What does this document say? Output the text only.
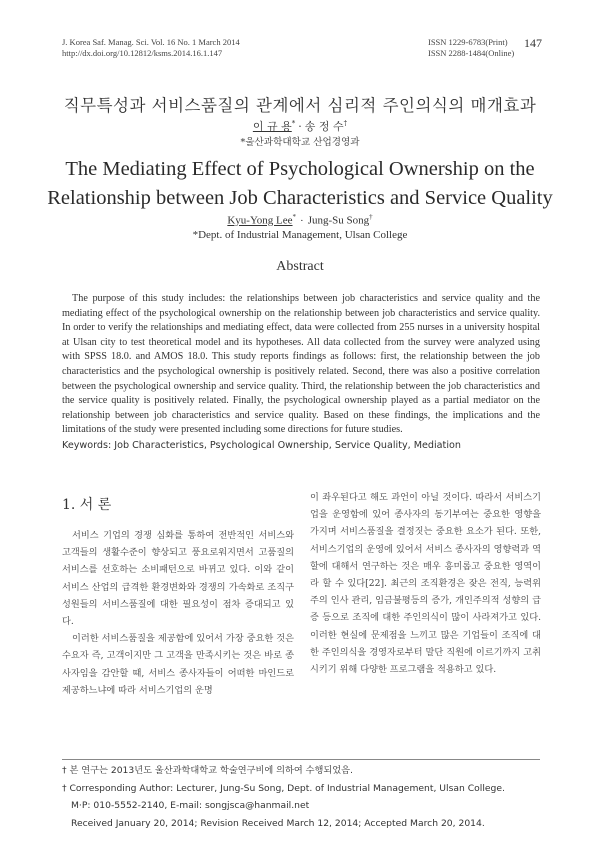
J. Korea Saf. Manag. Sci. Vol. 16 No. 1 March 2014
http://dx.doi.org/10.12812/ksms.2014.16.1.147
ISSN 1229-6783(Print)
ISSN 2288-1484(Online)
147
직무특성과 서비스품질의 관계에서 심리적 주인의식의 매개효과
이 규 용* · 송 정 수†
*울산과학대학교 산업경영과
The Mediating Effect of Psychological Ownership on the
Relationship between Job Characteristics and Service Quality
Kyu-Yong Lee* · Jung-Su Song†
*Dept. of Industrial Management, Ulsan College
Abstract

The purpose of this study includes: the relationships between job characteristics and service quality and the mediating effect of the psychological ownership on the relationship between job characteristics and service quality. In order to verify the relationships and mediating effect, data were collected from 255 nurses in a university hospital at Ulsan city to test theoretical model and its hypotheses. All data collected from the survey were analyzed using with SPSS 18.0. and AMOS 18.0. This study reports findings as follows: first, the relationship between the job characteristics and the psychological ownership is positively related. Second, there was also a positive correlation between the psychological ownership and service quality. Third, the relationship between the job characteristics and the service quality is positively related. Finally, the psychological ownership played as a partial mediator on the relationship between job characteristics and service quality. Based on these findings, the implications and the limitations of the study were presented including some directions for future studies.

Keywords: Job Characteristics, Psychological Ownership, Service Quality, Mediation
1. 서 론

서비스 기업의 경쟁 심화를 통하여 전반적인 서비스와 고객들의 생활수준이 향상되고 풍요로워지면서 고품질의 서비스를 선호하는 소비패턴으로 바뀌고 있다. 이와 같이 서비스 산업의 급격한 환경변화와 경쟁의 가속화로 조직구성원들의 서비스품질에 대한 필요성이 점차 증대되고 있다.

이러한 서비스품질을 제공함에 있어서 가장 중요한 것은 수요자 즉, 고객이지만 그 고객을 만족시키는 것은 바로 종사자임을 감안할 때, 서비스 종사자들이 어떠한 마인드로 제공하느냐에 따라 서비스기업의 운명

이 좌우된다고 해도 과언이 아닐 것이다. 따라서 서비스기업을 운영함에 있어 종사자의 동기부여는 중요한 영향을 가지며 서비스품질을 결정짓는 중요한 요소가 된다. 또한, 서비스기업의 운영에 있어서 서비스 종사자의 영향력과 역할에 대해서 연구하는 것은 매우 흥미롭고 중요한 영역이라 할 수 있다[22]. 최근의 조직환경은 잦은 전직, 능력위주의 인사 관리, 임금불평등의 증가, 개인주의적 성향의 급증 등으로 조직에 대한 주인의식이 많이 사라져가고 있다. 이러한 현실에 문제점을 느끼고 많은 기업들이 조직에 대한 주인의식을 경영자로부터 말단 직원에 이르기까지 고취시키기 위해 다양한 프로그램을 적용하고 있다.

† 본 연구는 2013년도 울산과학대학교 학술연구비에 의하여 수행되었음.
† Corresponding Author: Lecturer, Jung-Su Song, Dept. of Industrial Management, Ulsan College.
M·P: 010-5552-2140, E-mail: songjsca@hanmail.net
Received January 20, 2014; Revision Received March 12, 2014; Accepted March 20, 2014.
